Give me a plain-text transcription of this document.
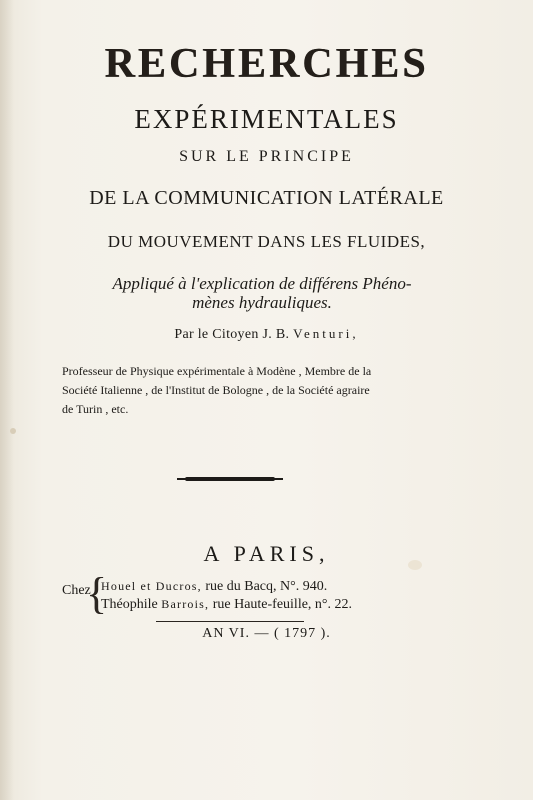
RECHERCHES
EXPÉRIMENTALES
SUR LE PRINCIPE
DE LA COMMUNICATION LATÉRALE
DU MOUVEMENT DANS LES FLUIDES,
Appliqué à l'explication de différens Phéno-
mènes hydrauliques.
Par le Citoyen J. B. Venturi,
Professeur de Physique expérimentale à Modène , Membre de la
Société Italienne , de l'Institut de Bologne , de la Société agraire
de Turin , etc.
A PARIS,
Chez
{
Houel et Ducros, rue du Bacq, N°. 940.
Théophile Barrois, rue Haute-feuille, n°. 22.
AN VI. — ( 1797 ).
